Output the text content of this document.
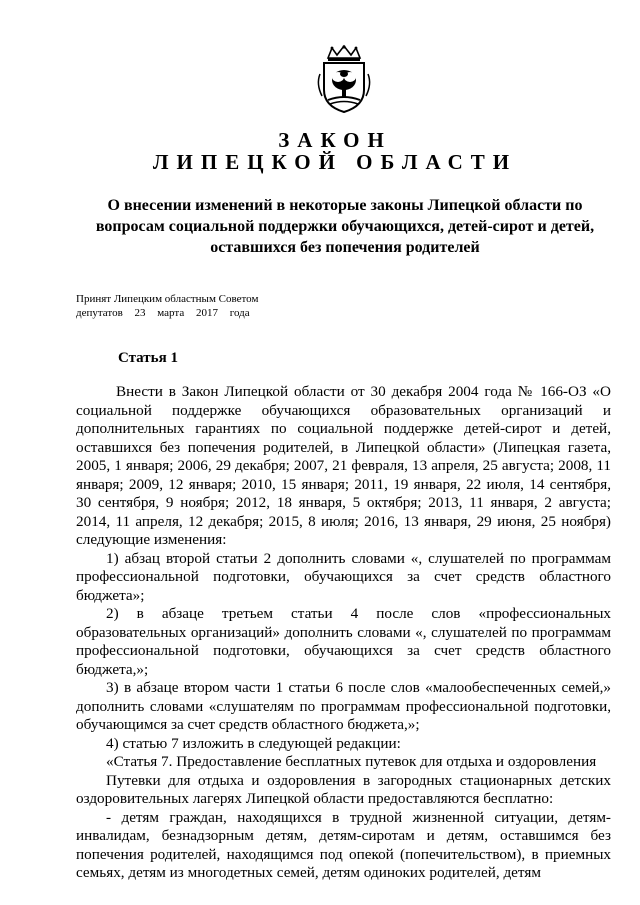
ЗАКОН
ЛИПЕЦКОЙ ОБЛАСТИ
О внесении изменений в некоторые законы Липецкой области по вопросам социальной поддержки обучающихся, детей-сирот и детей, оставшихся без попечения родителей
Принят Липецким областным Советом
депутатов 23 марта 2017 года
Статья 1

Внести в Закон Липецкой области от 30 декабря 2004 года № 166-ОЗ «О социальной поддержке обучающихся образовательных организаций и дополнительных гарантиях по социальной поддержке детей-сирот и детей, оставшихся без попечения родителей, в Липецкой области» (Липецкая газета, 2005, 1 января; 2006, 29 декабря; 2007, 21 февраля, 13 апреля, 25 августа; 2008, 11 января; 2009, 12 января; 2010, 15 января; 2011, 19 января, 22 июля, 14 сентября, 30 сентября, 9 ноября; 2012, 18 января, 5 октября; 2013, 11 января, 2 августа; 2014, 11 апреля, 12 декабря; 2015, 8 июля; 2016, 13 января, 29 июня, 25 ноября) следующие изменения:

1) абзац второй статьи 2 дополнить словами «, слушателей по программам профессиональной подготовки, обучающихся за счет средств областного бюджета»;

2) в абзаце третьем статьи 4 после слов «профессиональных образовательных организаций» дополнить словами «, слушателей по программам профессиональной подготовки, обучающихся за счет средств областного бюджета,»;

3) в абзаце втором части 1 статьи 6 после слов «малообеспеченных семей,» дополнить словами «слушателям по программам профессиональной подготовки, обучающимся за счет средств областного бюджета,»;

4) статью 7 изложить в следующей редакции:

«Статья 7. Предоставление бесплатных путевок для отдыха и оздоровления

Путевки для отдыха и оздоровления в загородных стационарных детских оздоровительных лагерях Липецкой области предоставляются бесплатно:

- детям граждан, находящихся в трудной жизненной ситуации, детям-инвалидам, безнадзорным детям, детям-сиротам и детям, оставшимся без попечения родителей, находящимся под опекой (попечительством), в приемных семьях, детям из многодетных семей, детям одиноких родителей, детям
